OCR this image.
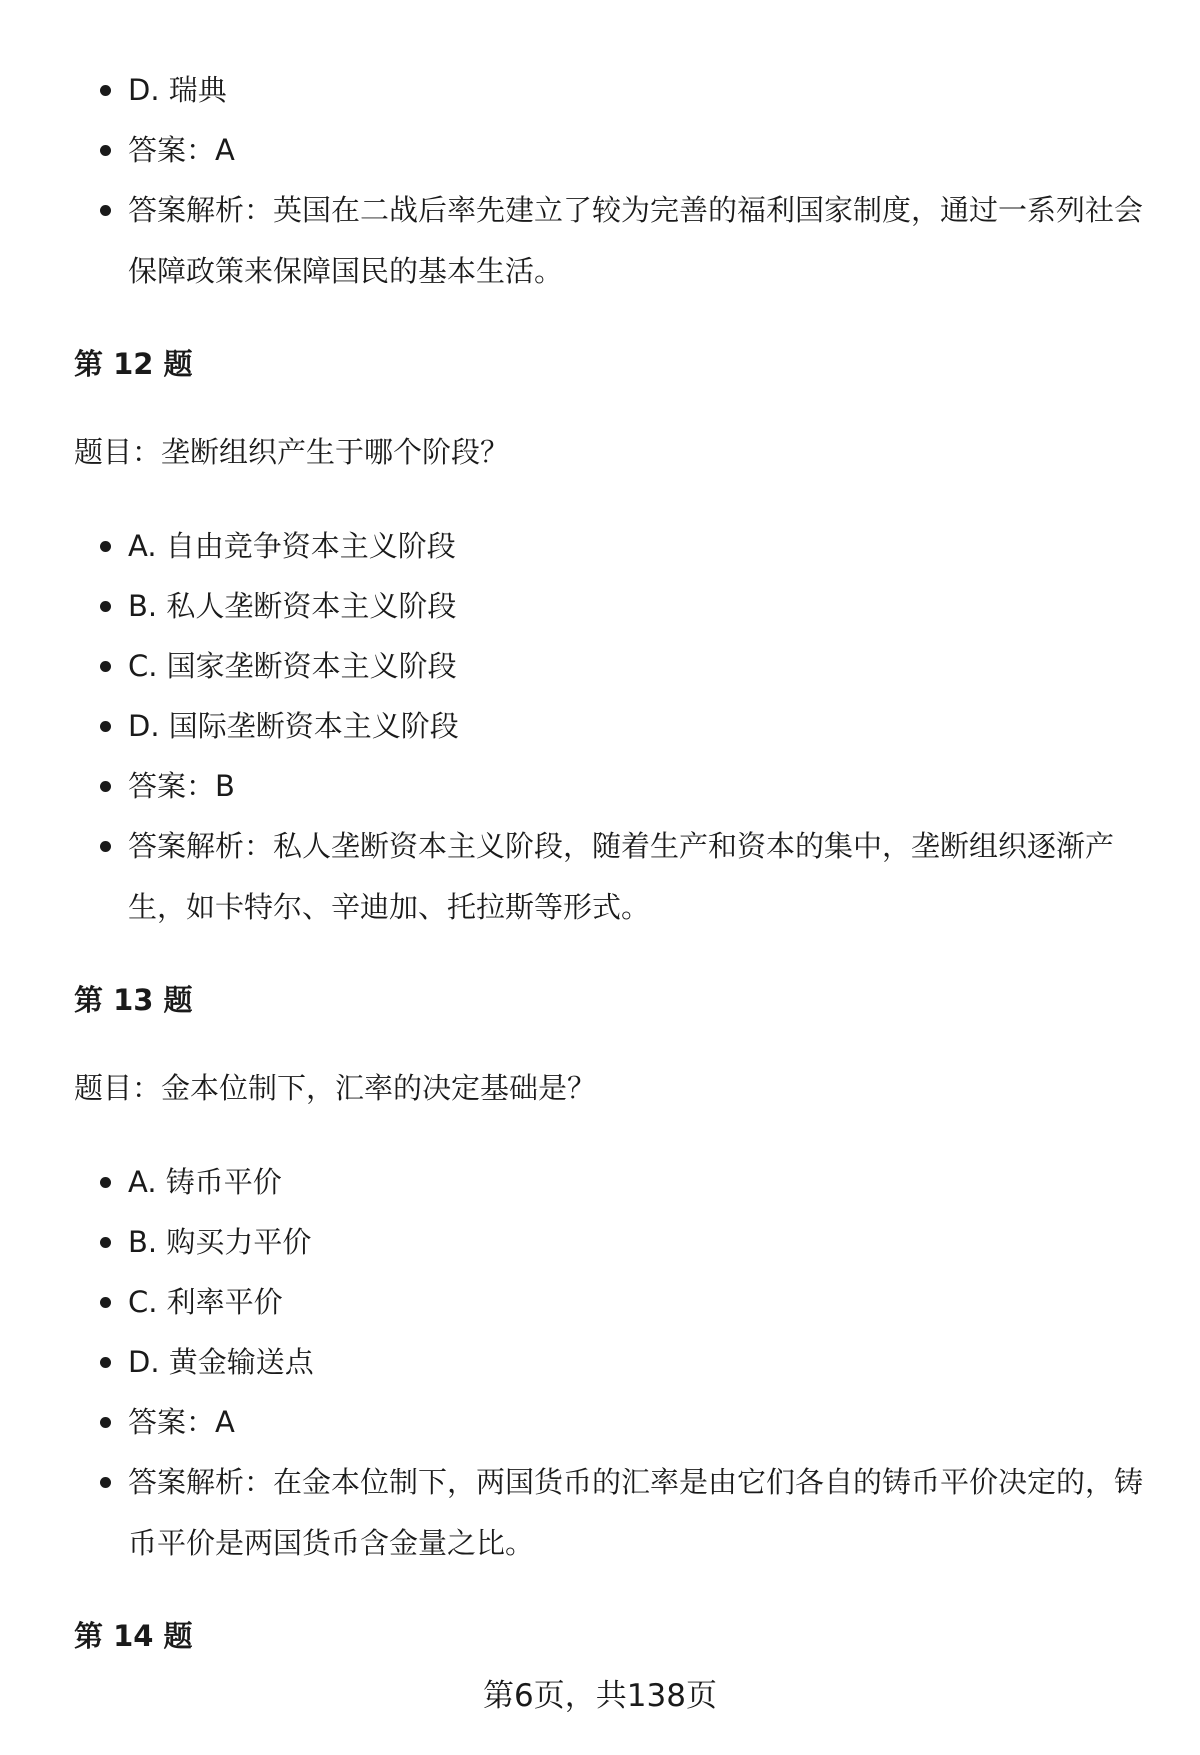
D. 瑞典
答案：A
答案解析：英国在二战后率先建立了较为完善的福利国家制度，通过一系列社会保障政策来保障国民的基本生活。

第 12 题

题目：垄断组织产生于哪个阶段？

A. 自由竞争资本主义阶段
B. 私人垄断资本主义阶段
C. 国家垄断资本主义阶段
D. 国际垄断资本主义阶段
答案：B
答案解析：私人垄断资本主义阶段，随着生产和资本的集中，垄断组织逐渐产生，如卡特尔、辛迪加、托拉斯等形式。

第 13 题

题目：金本位制下，汇率的决定基础是？

A. 铸币平价
B. 购买力平价
C. 利率平价
D. 黄金输送点
答案：A
答案解析：在金本位制下，两国货币的汇率是由它们各自的铸币平价决定的，铸币平价是两国货币含金量之比。

第 14 题

第6页，共138页
